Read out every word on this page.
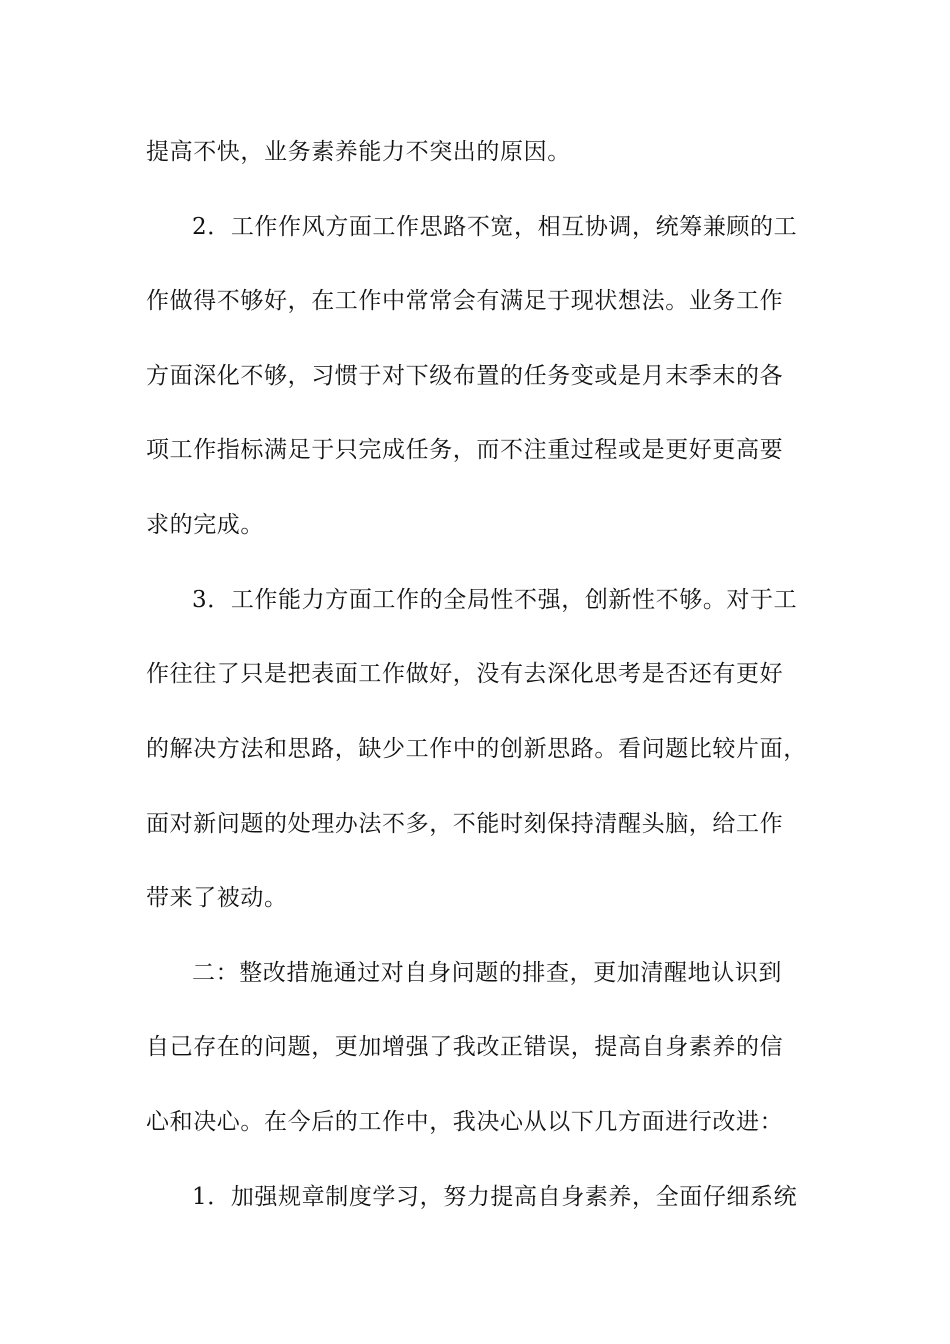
提高不快，业务素养能力不突出的原因。
2．工作作风方面工作思路不宽，相互协调，统筹兼顾的工
作做得不够好，在工作中常常会有满足于现状想法。业务工作
方面深化不够，习惯于对下级布置的任务变或是月末季末的各
项工作指标满足于只完成任务，而不注重过程或是更好更高要
求的完成。
3．工作能力方面工作的全局性不强，创新性不够。对于工
作往往了只是把表面工作做好，没有去深化思考是否还有更好
的解决方法和思路，缺少工作中的创新思路。看问题比较片面，
面对新问题的处理办法不多，不能时刻保持清醒头脑，给工作
带来了被动。
二：整改措施通过对自身问题的排查，更加清醒地认识到
自己存在的问题，更加增强了我改正错误，提高自身素养的信
心和决心。在今后的工作中，我决心从以下几方面进行改进：
1．加强规章制度学习，努力提高自身素养，全面仔细系统
